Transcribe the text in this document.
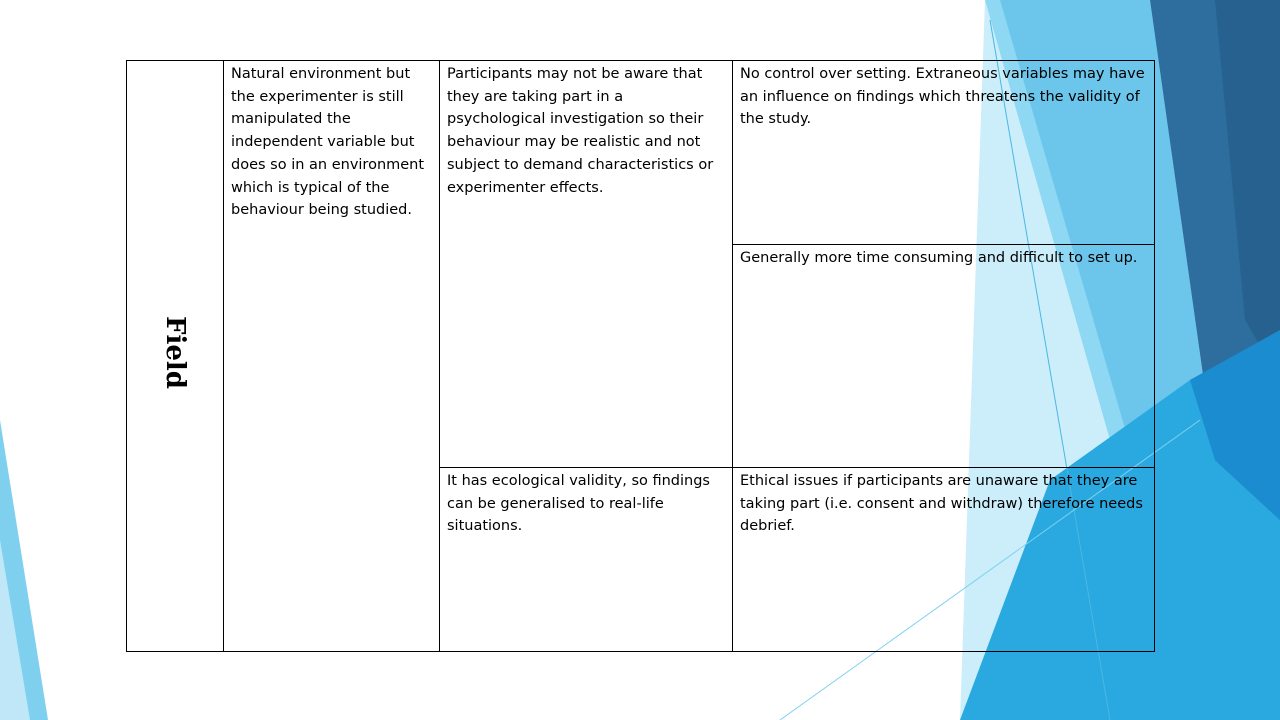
Field	Natural environment but the experimenter is still manipulated the independent variable but does so in an environment which is typical of the behaviour being studied.	Participants may not be aware that they are taking part in a psychological investigation so their behaviour may be realistic and not subject to demand characteristics or experimenter effects.	No control over setting. Extraneous variables may have an influence on findings which threatens the validity of the study.

			Generally more time consuming and difficult to set up.

		It has ecological validity, so findings can be generalised to real-life situations.	Ethical issues if participants are unaware that they are taking part (i.e. consent and withdraw) therefore needs debrief.
